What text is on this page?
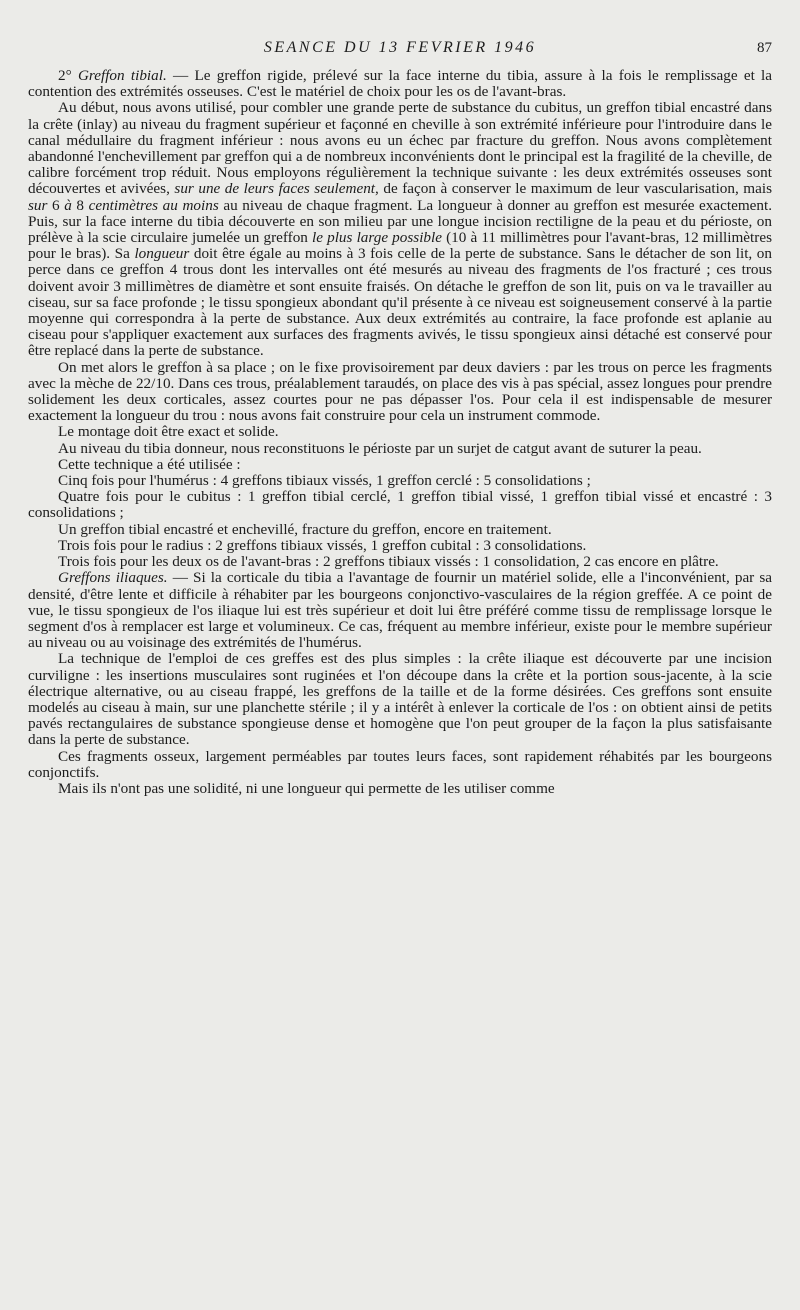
SEANCE DU 13 FEVRIER 1946	87

2° Greffon tibial. — Le greffon rigide, prélevé sur la face interne du tibia, assure à la fois le remplissage et la contention des extrémités osseuses. C'est le matériel de choix pour les os de l'avant-bras.

Au début, nous avons utilisé, pour combler une grande perte de substance du cubitus, un greffon tibial encastré dans la crête (inlay) au niveau du fragment supérieur et façonné en cheville à son extrémité inférieure pour l'introduire dans le canal médullaire du fragment inférieur : nous avons eu un échec par fracture du greffon. Nous avons complètement abandonné l'enchevillement par greffon qui a de nombreux inconvénients dont le principal est la fragilité de la cheville, de calibre forcément trop réduit. Nous employons régulièrement la technique suivante : les deux extrémités osseuses sont découvertes et avivées, sur une de leurs faces seulement, de façon à conserver le maximum de leur vascularisation, mais sur 6 à 8 centimètres au moins au niveau de chaque fragment. La longueur à donner au greffon est mesurée exactement. Puis, sur la face interne du tibia découverte en son milieu par une longue incision rectiligne de la peau et du périoste, on prélève à la scie circulaire jumelée un greffon le plus large possible (10 à 11 millimètres pour l'avant-bras, 12 millimètres pour le bras). Sa longueur doit être égale au moins à 3 fois celle de la perte de substance. Sans le détacher de son lit, on perce dans ce greffon 4 trous dont les intervalles ont été mesurés au niveau des fragments de l'os fracturé ; ces trous doivent avoir 3 millimètres de diamètre et sont ensuite fraisés. On détache le greffon de son lit, puis on va le travailler au ciseau, sur sa face profonde ; le tissu spongieux abondant qu'il présente à ce niveau est soigneusement conservé à la partie moyenne qui correspondra à la perte de substance. Aux deux extrémités au contraire, la face profonde est aplanie au ciseau pour s'appliquer exactement aux surfaces des fragments avivés, le tissu spongieux ainsi détaché est conservé pour être replacé dans la perte de substance.

On met alors le greffon à sa place ; on le fixe provisoirement par deux daviers : par les trous on perce les fragments avec la mèche de 22/10. Dans ces trous, préalablement taraudés, on place des vis à pas spécial, assez longues pour prendre solidement les deux corticales, assez courtes pour ne pas dépasser l'os. Pour cela il est indispensable de mesurer exactement la longueur du trou : nous avons fait construire pour cela un instrument commode.

Le montage doit être exact et solide.

Au niveau du tibia donneur, nous reconstituons le périoste par un surjet de catgut avant de suturer la peau.

Cette technique a été utilisée :

Cinq fois pour l'humérus : 4 greffons tibiaux vissés, 1 greffon cerclé : 5 consolidations ;

Quatre fois pour le cubitus : 1 greffon tibial cerclé, 1 greffon tibial vissé, 1 greffon tibial vissé et encastré : 3 consolidations ;

Un greffon tibial encastré et enchevillé, fracture du greffon, encore en traitement.

Trois fois pour le radius : 2 greffons tibiaux vissés, 1 greffon cubital : 3 consolidations.

Trois fois pour les deux os de l'avant-bras : 2 greffons tibiaux vissés : 1 consolidation, 2 cas encore en plâtre.

Greffons iliaques. — Si la corticale du tibia a l'avantage de fournir un matériel solide, elle a l'inconvénient, par sa densité, d'être lente et difficile à réhabiter par les bourgeons conjonctivo-vasculaires de la région greffée. A ce point de vue, le tissu spongieux de l'os iliaque lui est très supérieur et doit lui être préféré comme tissu de remplissage lorsque le segment d'os à remplacer est large et volumineux. Ce cas, fréquent au membre inférieur, existe pour le membre supérieur au niveau ou au voisinage des extrémités de l'humérus.

La technique de l'emploi de ces greffes est des plus simples : la crête iliaque est découverte par une incision curviligne : les insertions musculaires sont ruginées et l'on découpe dans la crête et la portion sous-jacente, à la scie électrique alternative, ou au ciseau frappé, les greffons de la taille et de la forme désirées. Ces greffons sont ensuite modelés au ciseau à main, sur une planchette stérile ; il y a intérêt à enlever la corticale de l'os : on obtient ainsi de petits pavés rectangulaires de substance spongieuse dense et homogène que l'on peut grouper de la façon la plus satisfaisante dans la perte de substance.

Ces fragments osseux, largement perméables par toutes leurs faces, sont rapidement réhabités par les bourgeons conjonctifs.

Mais ils n'ont pas une solidité, ni une longueur qui permette de les utiliser comme
